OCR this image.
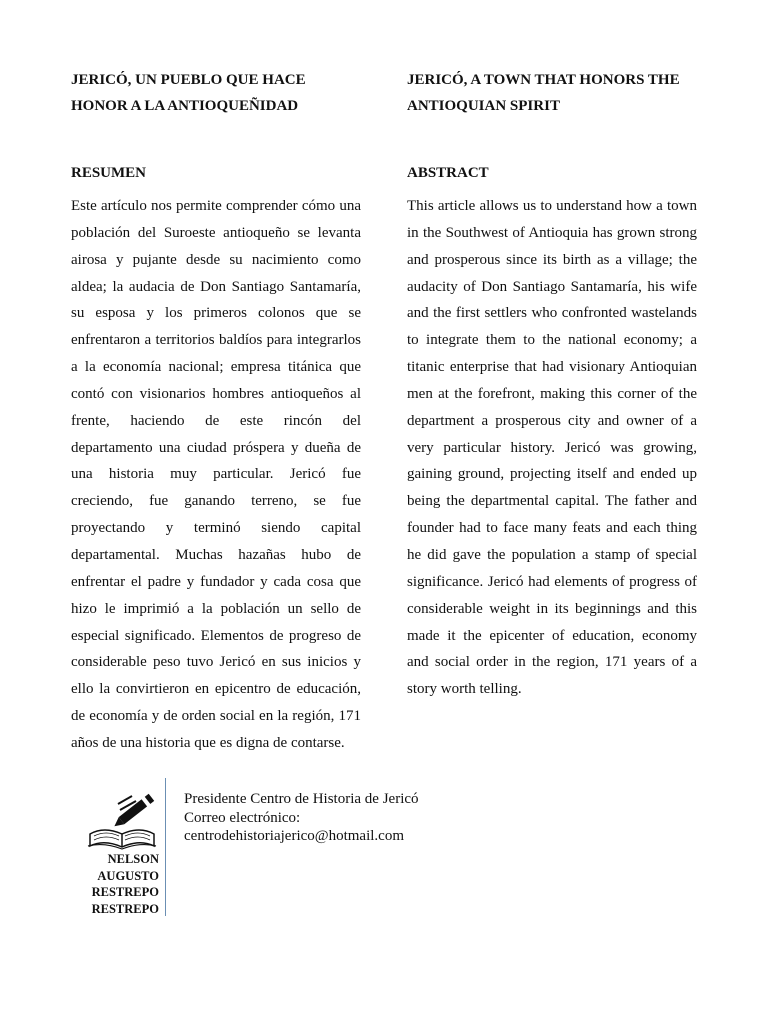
JERICÓ, UN PUEBLO QUE HACE
HONOR A LA ANTIOQUEÑIDAD
RESUMEN
Este artículo nos permite comprender cómo una población del Suroeste antioqueño se levanta airosa y pujante desde su nacimiento como aldea; la audacia de Don Santiago Santamaría, su esposa y los primeros colonos que se enfrentaron a territorios baldíos para integrarlos a la economía nacional; empresa titánica que contó con visionarios hombres antioqueños al frente, haciendo de este rincón del departamento una ciudad próspera y dueña de una historia muy particular. Jericó fue creciendo, fue ganando terreno, se fue proyectando y terminó siendo capital departamental. Muchas hazañas hubo de enfrentar el padre y fundador y cada cosa que hizo le imprimió a la población un sello de especial significado. Elementos de progreso de considerable peso tuvo Jericó en sus inicios y ello la convirtieron en epicentro de educación, de economía y de orden social en la región, 171 años de una historia que es digna de contarse.
JERICÓ, A TOWN THAT HONORS THE
ANTIOQUIAN SPIRIT
ABSTRACT
This article allows us to understand how a town in the Southwest of Antioquia has grown strong and prosperous since its birth as a village; the audacity of Don Santiago Santamaría, his wife and the first settlers who confronted wastelands to integrate them to the national economy; a titanic enterprise that had visionary Antioquian men at the forefront, making this corner of the department a prosperous city and owner of a very particular history. Jericó was growing, gaining ground, projecting itself and ended up being the departmental capital. The father and founder had to face many feats and each thing he did gave the population a stamp of special significance. Jericó had elements of progress of considerable weight in its beginnings and this made it the epicenter of education, economy and social order in the region, 171 years of a story worth telling.
NELSON
AUGUSTO
RESTREPO
RESTREPO
Presidente Centro de Historia de Jericó
Correo electrónico:
centrodehistoriajerico@hotmail.com
